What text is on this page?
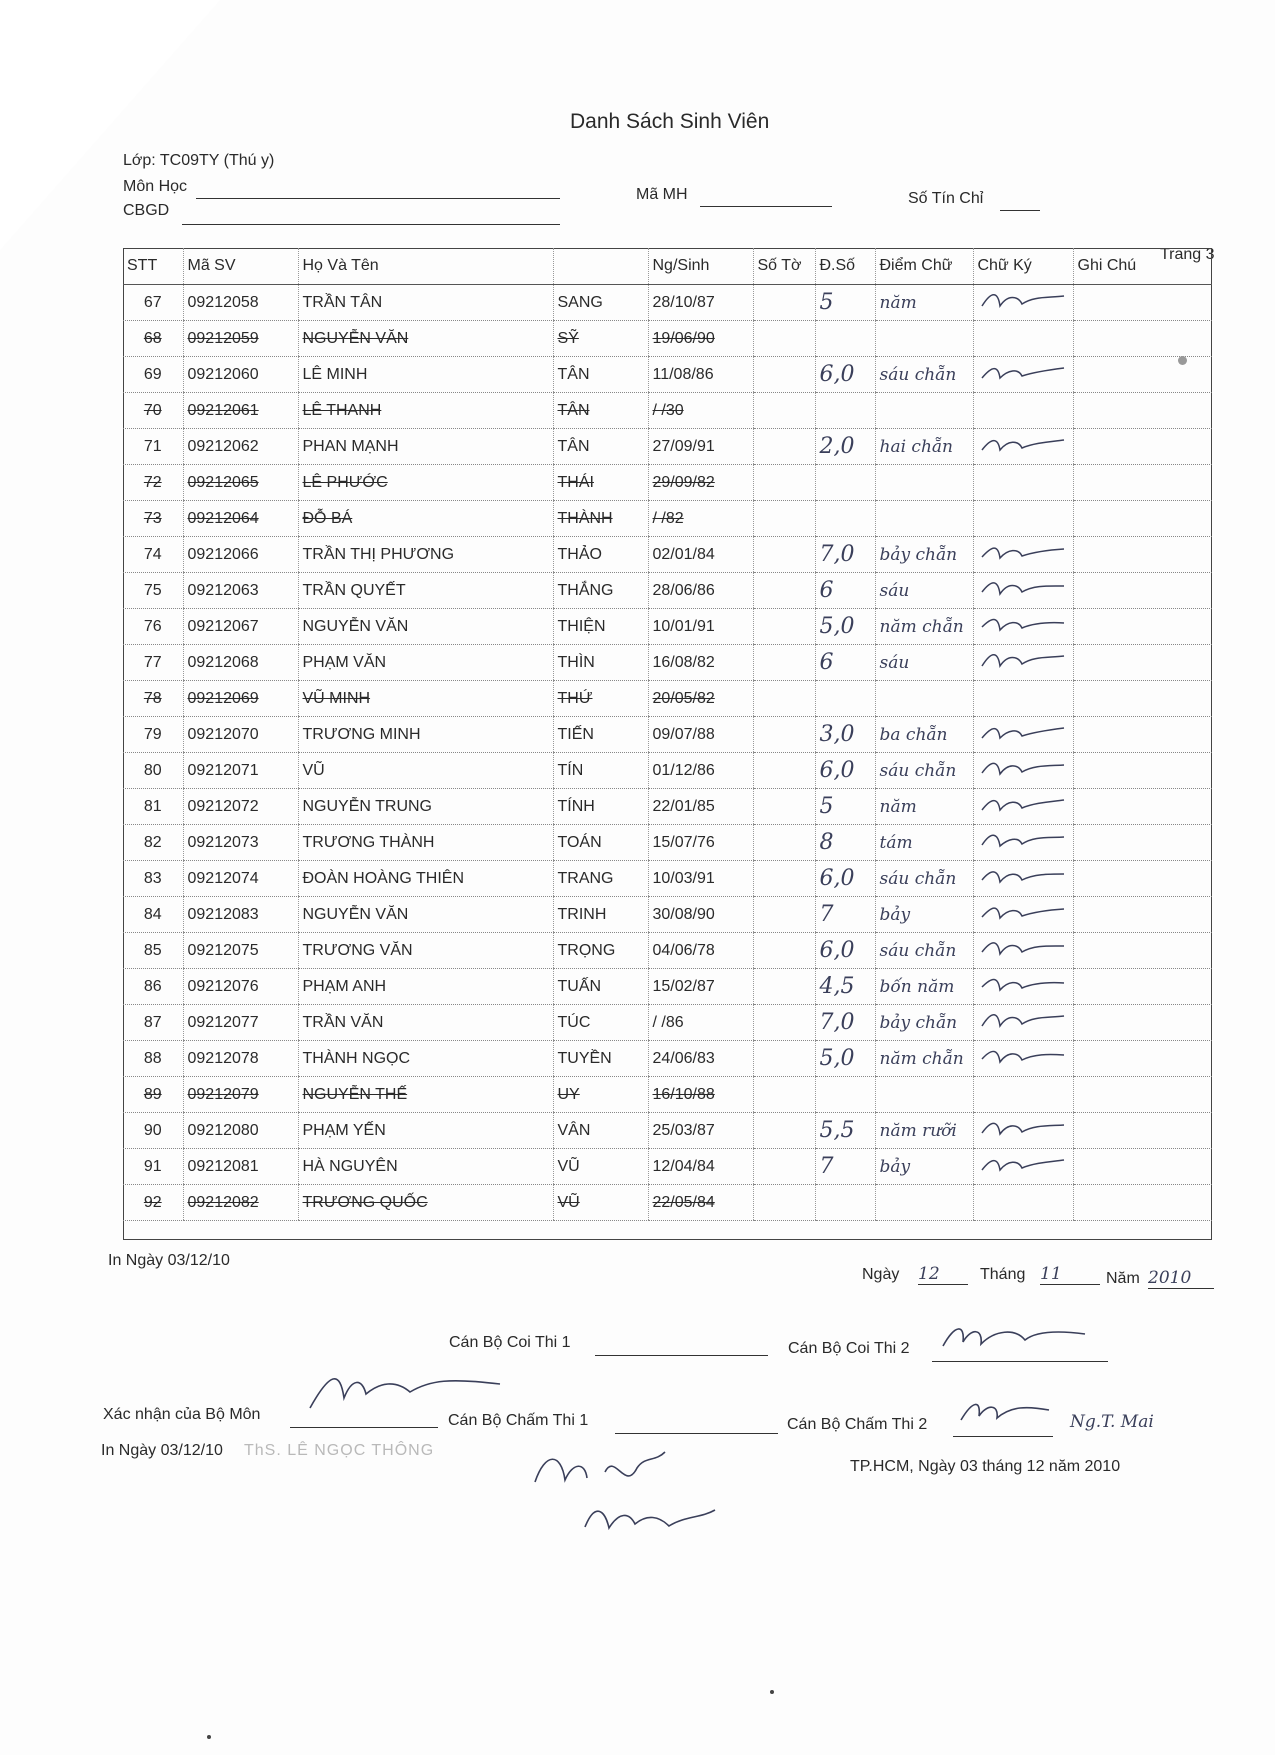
Danh Sách Sinh Viên
Lớp: TC09TY (Thú y)
Môn Học
CBGD
Mã MH	Số Tín Chỉ
Trang 3
STT	Mã SV	Họ Và Tên		Ng/Sinh	Số Tờ	Đ.Số	Điểm Chữ	Chữ Ký	Ghi Chú
67	09212058	TRẦN TÂN	SANG	28/10/87		5	năm		
68	09212059	NGUYỄN VĂN	SỸ	19/06/90					
69	09212060	LÊ MINH	TÂN	11/08/86		6,0	sáu chẵn		
70	09212061	LÊ THANH	TÂN	/ /30					
71	09212062	PHAN MẠNH	TÂN	27/09/91		2,0	hai chẵn		
72	09212065	LÊ PHƯỚC	THÁI	29/09/82					
73	09212064	ĐỖ BÁ	THÀNH	/ /82					
74	09212066	TRẦN THỊ PHƯƠNG	THẢO	02/01/84		7,0	bảy chẵn		
75	09212063	TRẦN QUYẾT	THẮNG	28/06/86		6	sáu		
76	09212067	NGUYỄN VĂN	THIỆN	10/01/91		5,0	năm chẵn		
77	09212068	PHẠM VĂN	THÌN	16/08/82		6	sáu		
78	09212069	VŨ MINH	THỨ	20/05/82					
79	09212070	TRƯƠNG MINH	TIẾN	09/07/88		3,0	ba chẵn		
80	09212071	VŨ	TÍN	01/12/86		6,0	sáu chẵn		
81	09212072	NGUYỄN TRUNG	TÍNH	22/01/85		5	năm		
82	09212073	TRƯƠNG THÀNH	TOÁN	15/07/76		8	tám		
83	09212074	ĐOÀN HOÀNG THIÊN	TRANG	10/03/91		6,0	sáu chẵn		
84	09212083	NGUYỄN VĂN	TRINH	30/08/90		7	bảy		
85	09212075	TRƯƠNG VĂN	TRỌNG	04/06/78		6,0	sáu chẵn		
86	09212076	PHẠM ANH	TUẤN	15/02/87		4,5	bốn năm		
87	09212077	TRẦN VĂN	TÚC	/ /86		7,0	bảy chẵn		
88	09212078	THÀNH NGỌC	TUYỀN	24/06/83		5,0	năm chẵn		
89	09212079	NGUYỄN THẾ	UY	16/10/88					
90	09212080	PHẠM YẾN	VÂN	25/03/87		5,5	năm rưỡi		
91	09212081	HÀ NGUYÊN	VŨ	12/04/84		7	bảy		
92	09212082	TRƯƠNG QUỐC	VŨ	22/05/84					
In Ngày 03/12/10
Ngày 12	Tháng 11	Năm 2010
Cán Bộ Coi Thi 1	Cán Bộ Coi Thi 2
Xác nhận của Bộ Môn	Cán Bộ Chấm Thi 1	Cán Bộ Chấm Thi 2	Ng.T. Mai
In Ngày 03/12/10 ThS. LÊ NGỌC THÔNG
TP.HCM, Ngày 03 tháng 12 năm 2010
